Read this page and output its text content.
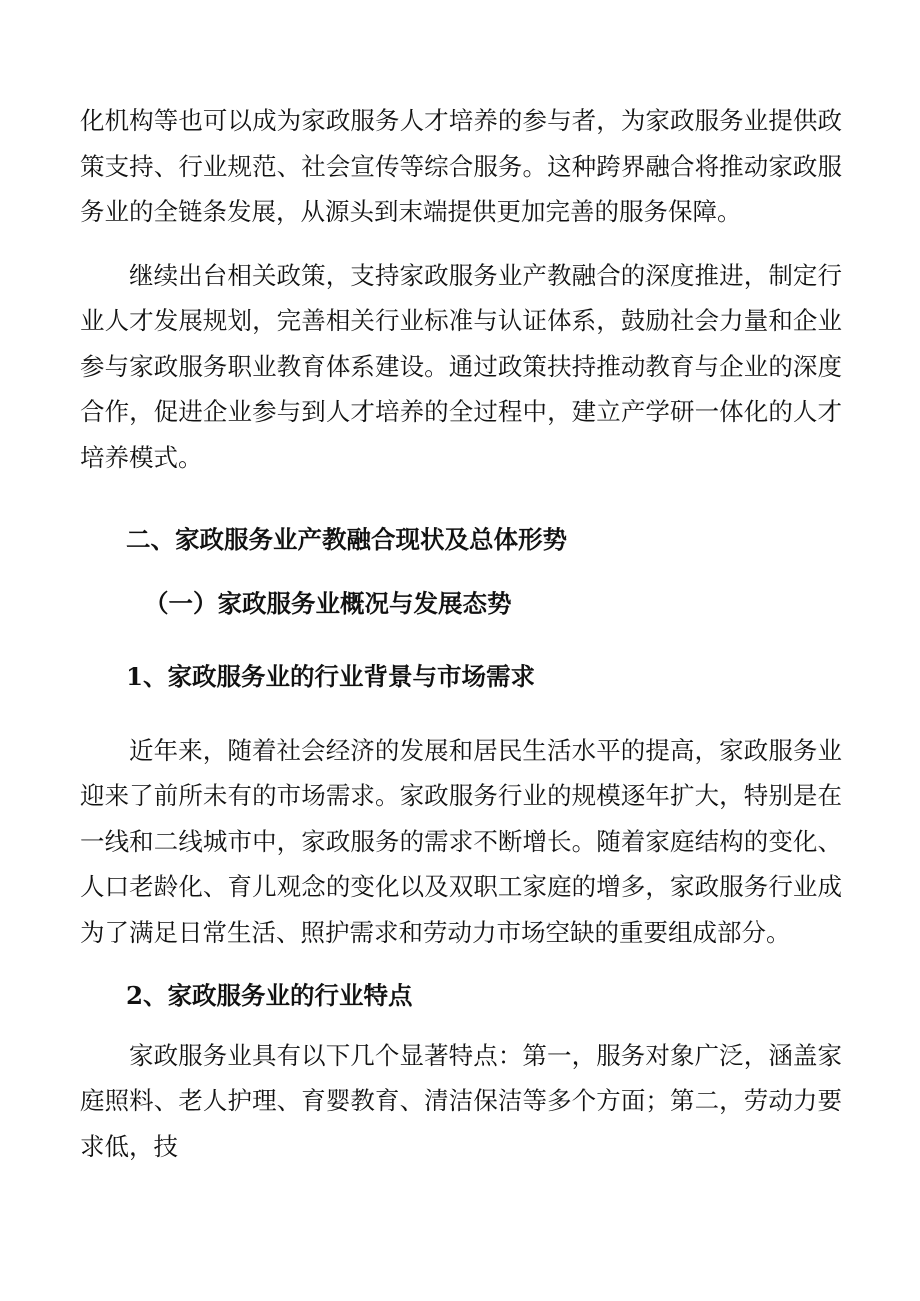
化机构等也可以成为家政服务人才培养的参与者，为家政服务业提供政策支持、行业规范、社会宣传等综合服务。这种跨界融合将推动家政服务业的全链条发展，从源头到末端提供更加完善的服务保障。

继续出台相关政策，支持家政服务业产教融合的深度推进，制定行业人才发展规划，完善相关行业标准与认证体系，鼓励社会力量和企业参与家政服务职业教育体系建设。通过政策扶持推动教育与企业的深度合作，促进企业参与到人才培养的全过程中，建立产学研一体化的人才培养模式。

二、家政服务业产教融合现状及总体形势
（一）家政服务业概况与发展态势
1、家政服务业的行业背景与市场需求

近年来，随着社会经济的发展和居民生活水平的提高，家政服务业迎来了前所未有的市场需求。家政服务行业的规模逐年扩大，特别是在一线和二线城市中，家政服务的需求不断增长。随着家庭结构的变化、人口老龄化、育儿观念的变化以及双职工家庭的增多，家政服务行业成为了满足日常生活、照护需求和劳动力市场空缺的重要组成部分。

2、家政服务业的行业特点

家政服务业具有以下几个显著特点：第一，服务对象广泛，涵盖家庭照料、老人护理、育婴教育、清洁保洁等多个方面；第二，劳动力要求低，技
